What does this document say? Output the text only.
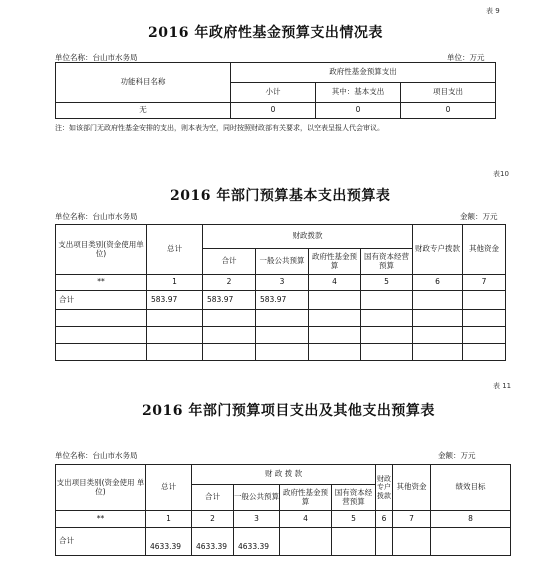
表 9
2016 年政府性基金预算支出情况表
单位名称：台山市水务局	单位：万元
功能科目名称	政府性基金预算支出		
	小计	其中：基本支出	项目支出
无	0	0	0
注：如该部门无政府性基金安排的支出，则本表为空，同时按照财政部有关要求，以空表呈报人代会审议。
表10
2016 年部门预算基本支出预算表
单位名称：台山市水务局	金额：万元
支出项目类别(资金使用单位)	总计	财政拨款				财政专户拨款	其他资金
		合计	一般公共预算	政府性基金预算	国有资本经营预算		
**	1	2	3	4	5	6	7
合计	583.97	583.97	583.97				

表 11
2016 年部门预算项目支出及其他支出预算表
单位名称：台山市水务局	金额：万元
支出项目类别(资金使用 单 位)	总计	财 政 拨 款				财政专户拨款	其他资金	绩效目标
		合计	一般公共预算	政府性基金预算	国有资本经 营预算			
**	1	2	3	4	5	6	7	8
合计	4633.39	4633.39	4633.39					
